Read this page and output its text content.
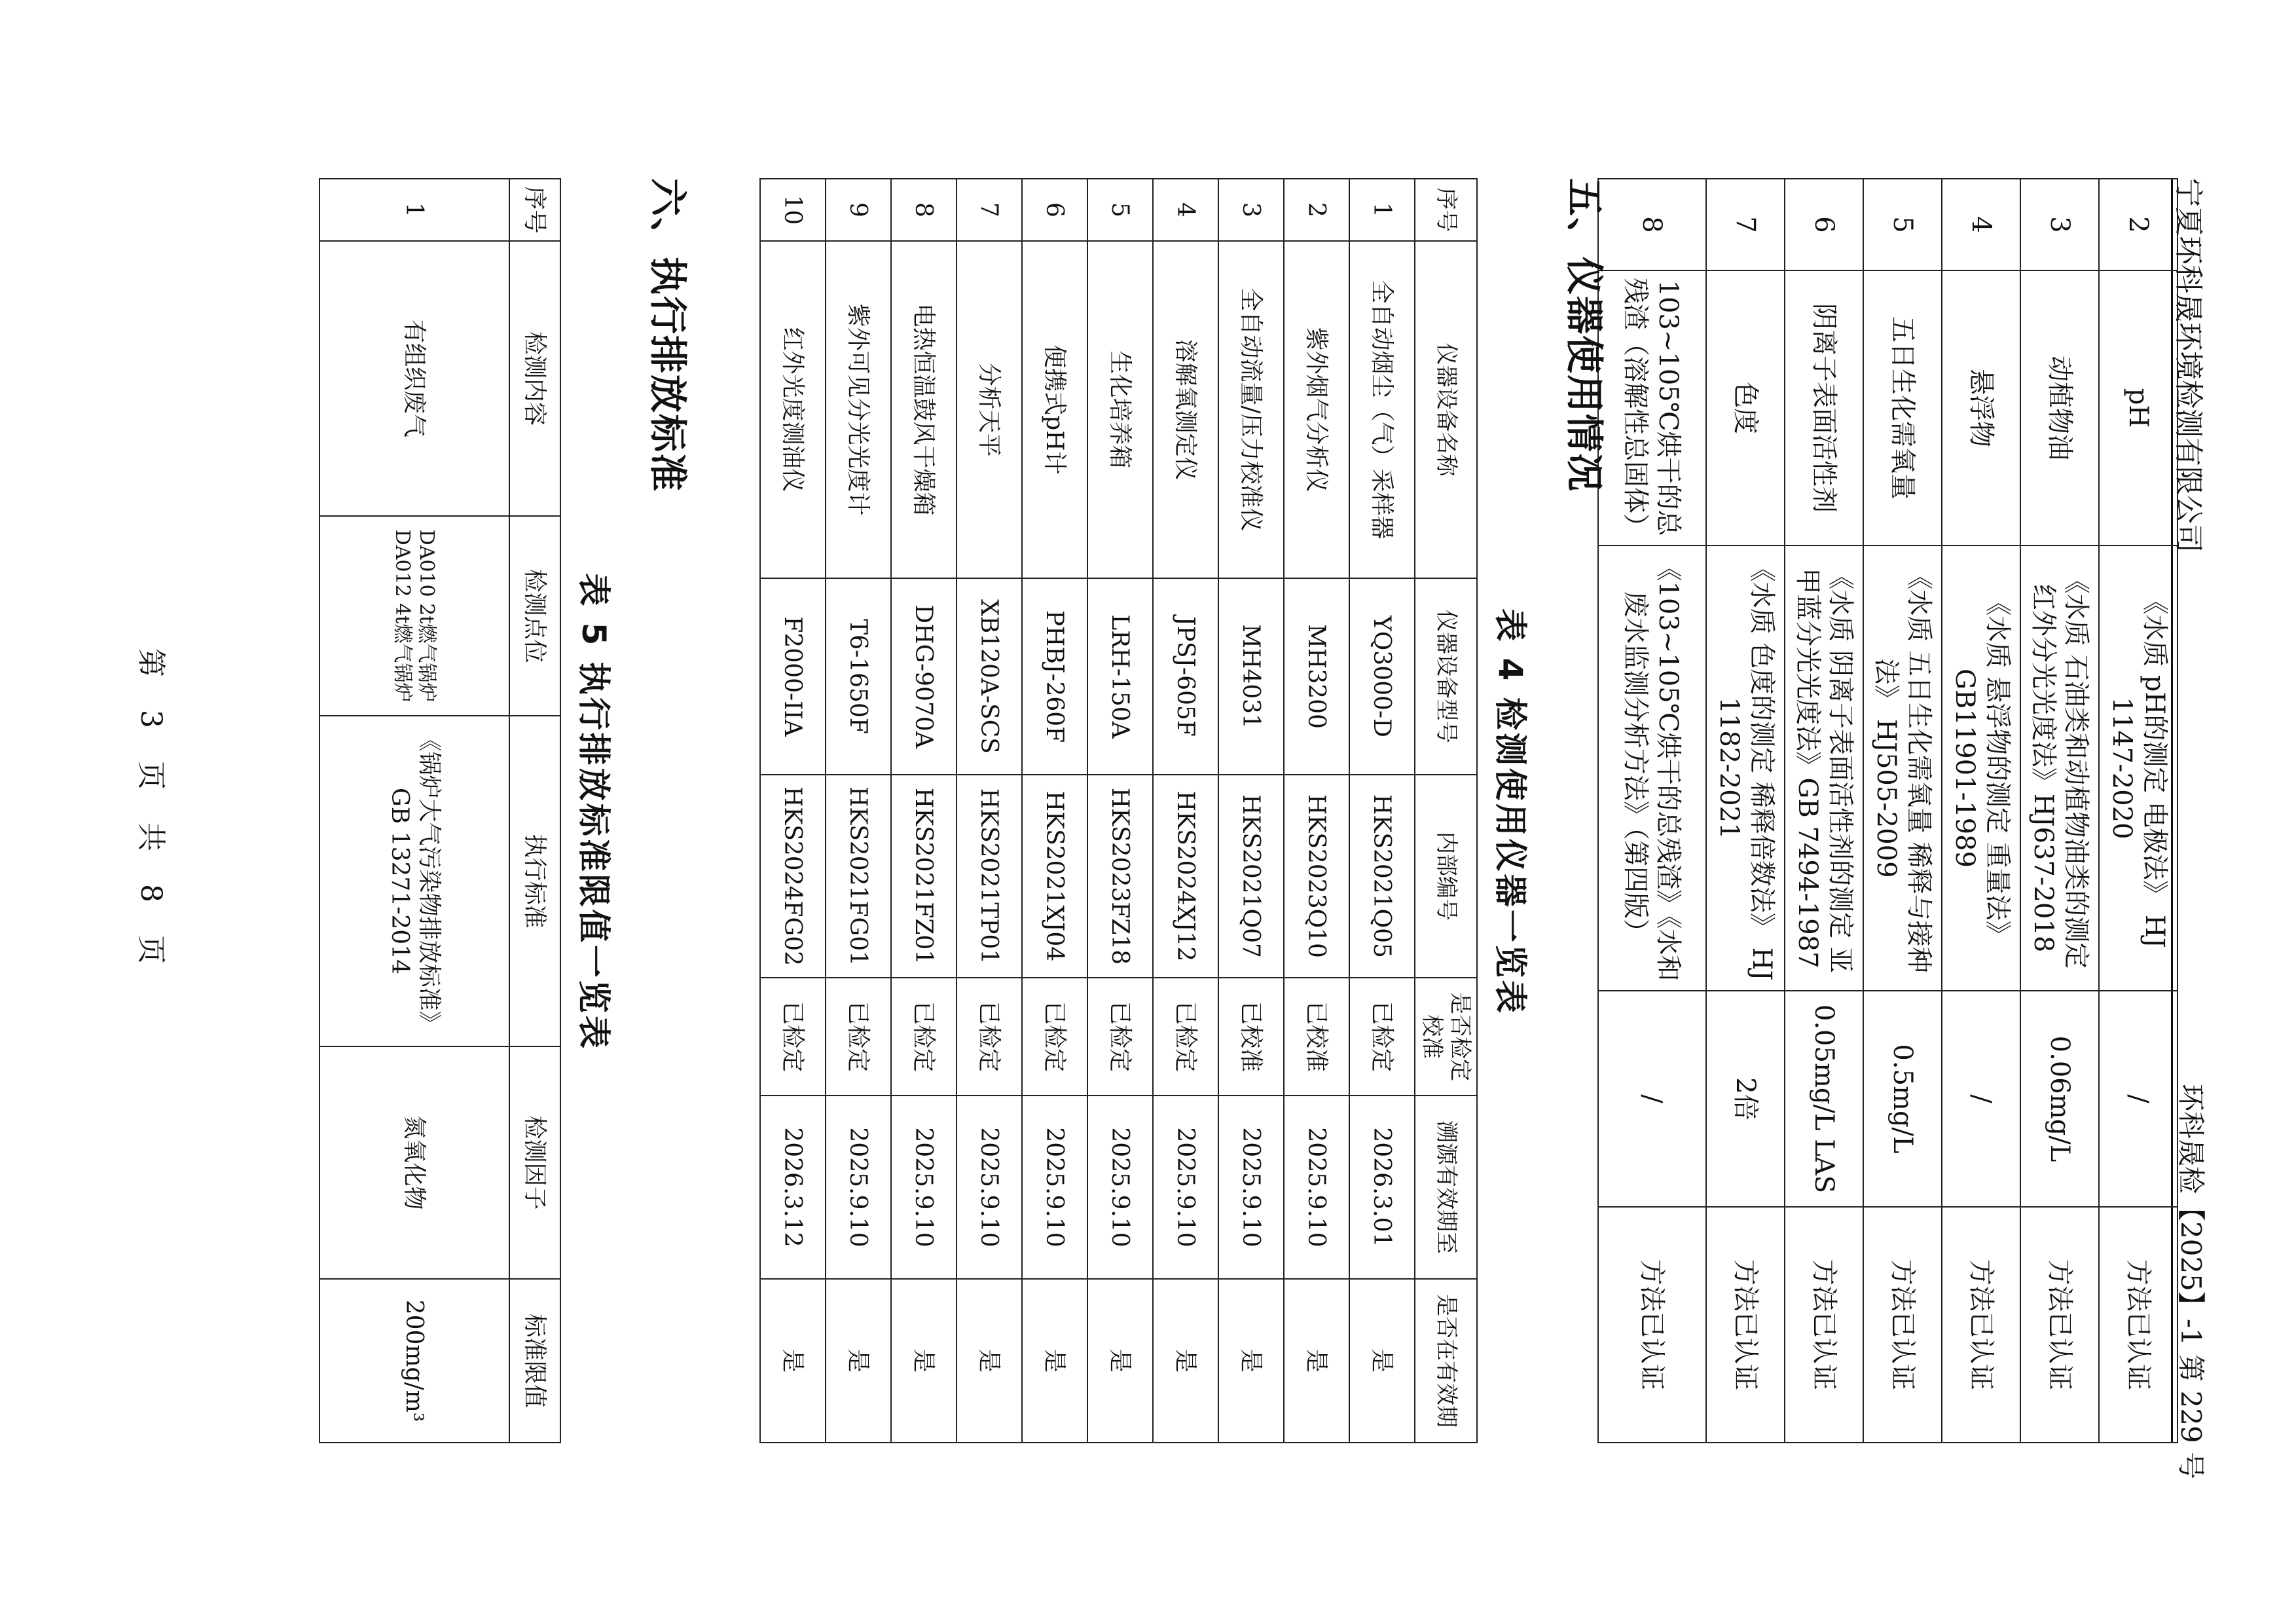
宁夏环科晟环境检测有限公司
环科晟检【2025】-1 第 229 号
2	pH	《水质 pH的测定 电极法》 HJ 1147-2020	/	方法已认证
3	动植物油	《水质 石油类和动植物油类的测定 红外分光光度法》HJ637-2018	0.06mg/L	方法已认证
4	悬浮物	《水质 悬浮物的测定 重量法》 GB11901-1989	/	方法已认证
5	五日生化需氧量	《水质 五日生化需氧量 稀释与接种法》 HJ505-2009	0.5mg/L	方法已认证
6	阴离子表面活性剂	《水质 阴离子表面活性剂的测定 亚甲蓝分光光度法》GB 7494-1987	0.05mg/L LAS	方法已认证
7	色度	《水质 色度的测定 稀释倍数法》 HJ 1182-2021	2倍	方法已认证
8	103~105℃烘干的总残渣（溶解性总固体）	《103~105℃烘干的总残渣》《水和废水监测分析方法》（第四版）	/	方法已认证
五、仪器使用情况
表 4 检测使用仪器一览表
序号	仪器设备名称	仪器设备型号	内部编号	是否检定校准	溯源有效期至	是否在有效期
1	全自动烟尘（气）采样器	YQ3000-D	HKS2021Q05	已检定	2026.3.01	是
2	紫外烟气分析仪	MH3200	HKS2023Q10	已校准	2025.9.10	是
3	全自动流量/压力校准仪	MH4031	HKS2021Q07	已校准	2025.9.10	是
4	溶解氧测定仪	JPSJ-605F	HKS2024XJ12	已检定	2025.9.10	是
5	生化培养箱	LRH-150A	HKS2023FZ18	已检定	2025.9.10	是
6	便携式pH计	PHBJ-260F	HKS2021XJ04	已检定	2025.9.10	是
7	分析天平	XB120A-SCS	HKS2021TP01	已检定	2025.9.10	是
8	电热恒温鼓风干燥箱	DHG-9070A	HKS2021FZ01	已检定	2025.9.10	是
9	紫外可见分光光度计	T6-1650F	HKS2021FG01	已检定	2025.9.10	是
10	红外光度测油仪	F2000-IIA	HKS2024FG02	已检定	2026.3.12	是
六、执行排放标准
表 5 执行排放标准限值一览表
序号	检测内容	检测点位	执行标准	检测因子	标准限值
1	有组织废气	DA010 2t燃气锅炉 DA012 4t燃气锅炉	《锅炉大气污染物排放标准》GB 13271-2014	氮氧化物	200mg/m³
第 3 页 共 8 页
